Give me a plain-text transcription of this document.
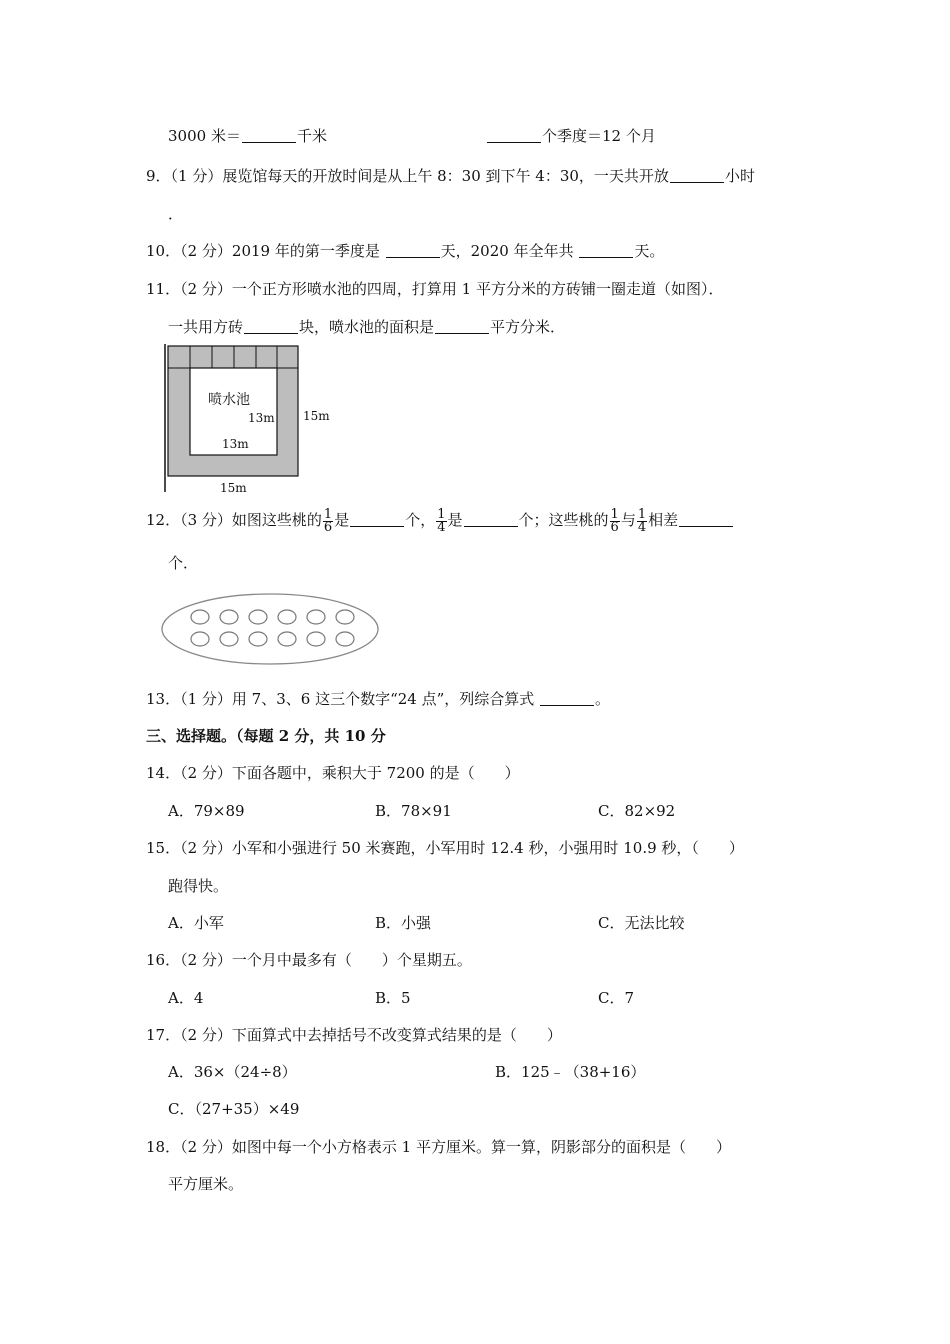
3000 米＝	千米	个季度＝12 个月
9．（1 分）展览馆每天的开放时间是从上午 8：30 到下午 4：30，一天共开放	小时
．
10．（2 分）2019 年的第一季度是	天，2020 年全年共	天。
11．（2 分）一个正方形喷水池的四周，打算用 1 平方分米的方砖铺一圈走道（如图）．
一共用方砖	块，喷水池的面积是	平方分米．
喷水池
13m
13m
15m
15m
12．（3 分）如图这些桃的 $\frac{1}{6}$ 是	个， $\frac{1}{4}$ 是	个；这些桃的 $\frac{1}{6}$ 与 $\frac{1}{4}$ 相差
个．
13．（1 分）用 7、3、6 这三个数字“24 点”，列综合算式	。
三、选择题。（每题 2 分，共 10 分
14．（2 分）下面各题中，乘积大于 7200 的是（　　）
A．79×89	B．78×91	C．82×92
15．（2 分）小军和小强进行 50 米赛跑，小军用时 12.4 秒，小强用时 10.9 秒，（　　）
跑得快。
A．小军	B．小强	C．无法比较
16．（2 分）一个月中最多有（　　）个星期五。
A．4	B．5	C．7
17．（2 分）下面算式中去掉括号不改变算式结果的是（　　）
A．36×（24÷8）	B．125﹣（38+16）
C．（27+35）×49
18．（2 分）如图中每一个小方格表示 1 平方厘米。算一算，阴影部分的面积是（　　）
平方厘米。
